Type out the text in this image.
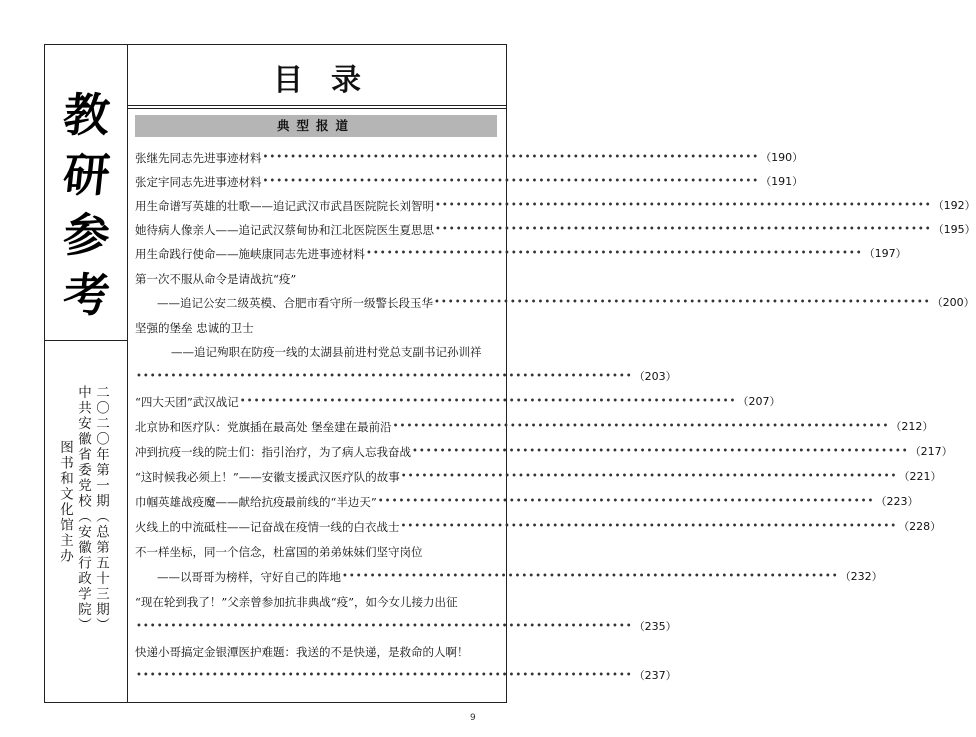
教
研
参
考
二〇二〇年第一期（总第五十三期）
中共安徽省委党校（安徽行政学院）
图书和文化馆主办
目录
典型报道
张继先同志先进事迹材料 •••••••••••••••••••••••••••••••••••••••••••••••••••••••••••••••••••••••• （190）
张定宇同志先进事迹材料 •••••••••••••••••••••••••••••••••••••••••••••••••••••••••••••••••••••••• （191）
用生命谱写英雄的壮歌——追记武汉市武昌医院院长刘智明 •••••••••••••••••••••••••••••••••••••••••••••••••••••••••••••••••••••••• （192）
她待病人像亲人——追记武汉蔡甸协和江北医院医生夏思思 •••••••••••••••••••••••••••••••••••••••••••••••••••••••••••••••••••••••• （195）
用生命践行使命——施峡康同志先进事迹材料 •••••••••••••••••••••••••••••••••••••••••••••••••••••••••••••••••••••••• （197）
第一次不服从命令是请战抗“疫”
——追记公安二级英模、合肥市看守所一级警长段玉华 •••••••••••••••••••••••••••••••••••••••••••••••••••••••••••••••••••••••• （200）
坚强的堡垒 忠诚的卫士
——追记殉职在防疫一线的太湖县前进村党总支副书记孙训祥
•••••••••••••••••••••••••••••••••••••••••••••••••••••••••••••••••••••••• （203）
“四大天团”武汉战记 •••••••••••••••••••••••••••••••••••••••••••••••••••••••••••••••••••••••• （207）
北京协和医疗队：党旗插在最高处 堡垒建在最前沿 •••••••••••••••••••••••••••••••••••••••••••••••••••••••••••••••••••••••• （212）
冲到抗疫一线的院士们：指引治疗，为了病人忘我奋战 •••••••••••••••••••••••••••••••••••••••••••••••••••••••••••••••••••••••• （217）
“这时候我必须上！”——安徽支援武汉医疗队的故事 •••••••••••••••••••••••••••••••••••••••••••••••••••••••••••••••••••••••• （221）
巾帼英雄战疫魔——献给抗疫最前线的“半边天” •••••••••••••••••••••••••••••••••••••••••••••••••••••••••••••••••••••••• （223）
火线上的中流砥柱——记奋战在疫情一线的白衣战士 •••••••••••••••••••••••••••••••••••••••••••••••••••••••••••••••••••••••• （228）
不一样坐标，同一个信念，杜富国的弟弟妹妹们坚守岗位
——以哥哥为榜样，守好自己的阵地 •••••••••••••••••••••••••••••••••••••••••••••••••••••••••••••••••••••••• （232）
“现在轮到我了！”父亲曾参加抗非典战“疫”，如今女儿接力出征
•••••••••••••••••••••••••••••••••••••••••••••••••••••••••••••••••••••••• （235）
快递小哥搞定金银潭医护难题：我送的不是快递，是救命的人啊！
•••••••••••••••••••••••••••••••••••••••••••••••••••••••••••••••••••••••• （237）
9
